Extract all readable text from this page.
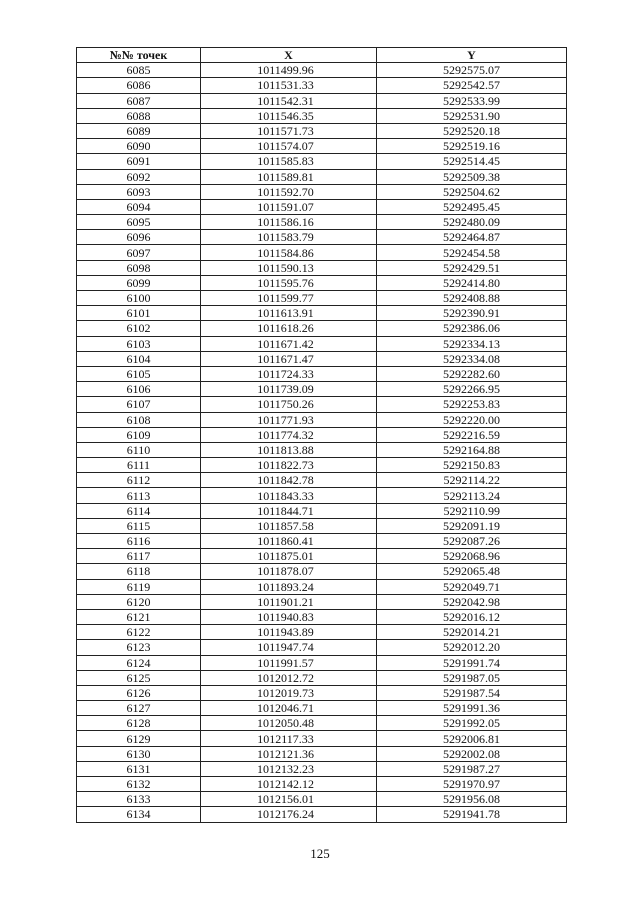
№№ точек	X	Y
6085	1011499.96	5292575.07
6086	1011531.33	5292542.57
6087	1011542.31	5292533.99
6088	1011546.35	5292531.90
6089	1011571.73	5292520.18
6090	1011574.07	5292519.16
6091	1011585.83	5292514.45
6092	1011589.81	5292509.38
6093	1011592.70	5292504.62
6094	1011591.07	5292495.45
6095	1011586.16	5292480.09
6096	1011583.79	5292464.87
6097	1011584.86	5292454.58
6098	1011590.13	5292429.51
6099	1011595.76	5292414.80
6100	1011599.77	5292408.88
6101	1011613.91	5292390.91
6102	1011618.26	5292386.06
6103	1011671.42	5292334.13
6104	1011671.47	5292334.08
6105	1011724.33	5292282.60
6106	1011739.09	5292266.95
6107	1011750.26	5292253.83
6108	1011771.93	5292220.00
6109	1011774.32	5292216.59
6110	1011813.88	5292164.88
6111	1011822.73	5292150.83
6112	1011842.78	5292114.22
6113	1011843.33	5292113.24
6114	1011844.71	5292110.99
6115	1011857.58	5292091.19
6116	1011860.41	5292087.26
6117	1011875.01	5292068.96
6118	1011878.07	5292065.48
6119	1011893.24	5292049.71
6120	1011901.21	5292042.98
6121	1011940.83	5292016.12
6122	1011943.89	5292014.21
6123	1011947.74	5292012.20
6124	1011991.57	5291991.74
6125	1012012.72	5291987.05
6126	1012019.73	5291987.54
6127	1012046.71	5291991.36
6128	1012050.48	5291992.05
6129	1012117.33	5292006.81
6130	1012121.36	5292002.08
6131	1012132.23	5291987.27
6132	1012142.12	5291970.97
6133	1012156.01	5291956.08
6134	1012176.24	5291941.78
125
